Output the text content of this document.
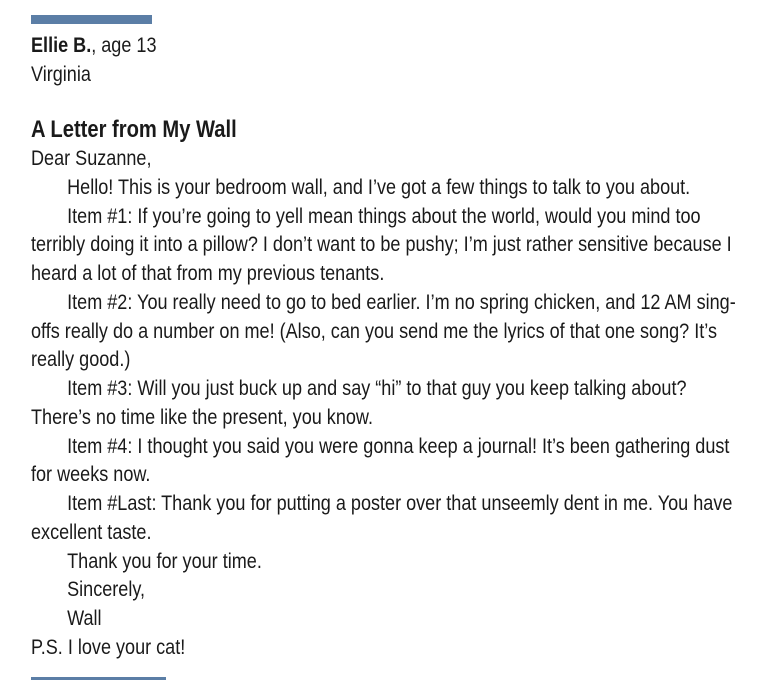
Ellie B., age 13
Virginia
A Letter from My Wall

Dear Suzanne,

Hello! This is your bedroom wall, and I’ve got a few things to talk to you about.

Item #1: If you’re going to yell mean things about the world, would you mind too terribly doing it into a pillow? I don’t want to be pushy; I’m just rather sensitive because I heard a lot of that from my previous tenants.

Item #2: You really need to go to bed earlier. I’m no spring chicken, and 12 AM sing-offs really do a number on me! (Also, can you send me the lyrics of that one song? It’s really good.)

Item #3: Will you just buck up and say “hi” to that guy you keep talking about? There’s no time like the present, you know.

Item #4: I thought you said you were gonna keep a journal! It’s been gathering dust for weeks now.

Item #Last: Thank you for putting a poster over that unseemly dent in me. You have excellent taste.

Thank you for your time.

Sincerely,

Wall

P.S. I love your cat!
